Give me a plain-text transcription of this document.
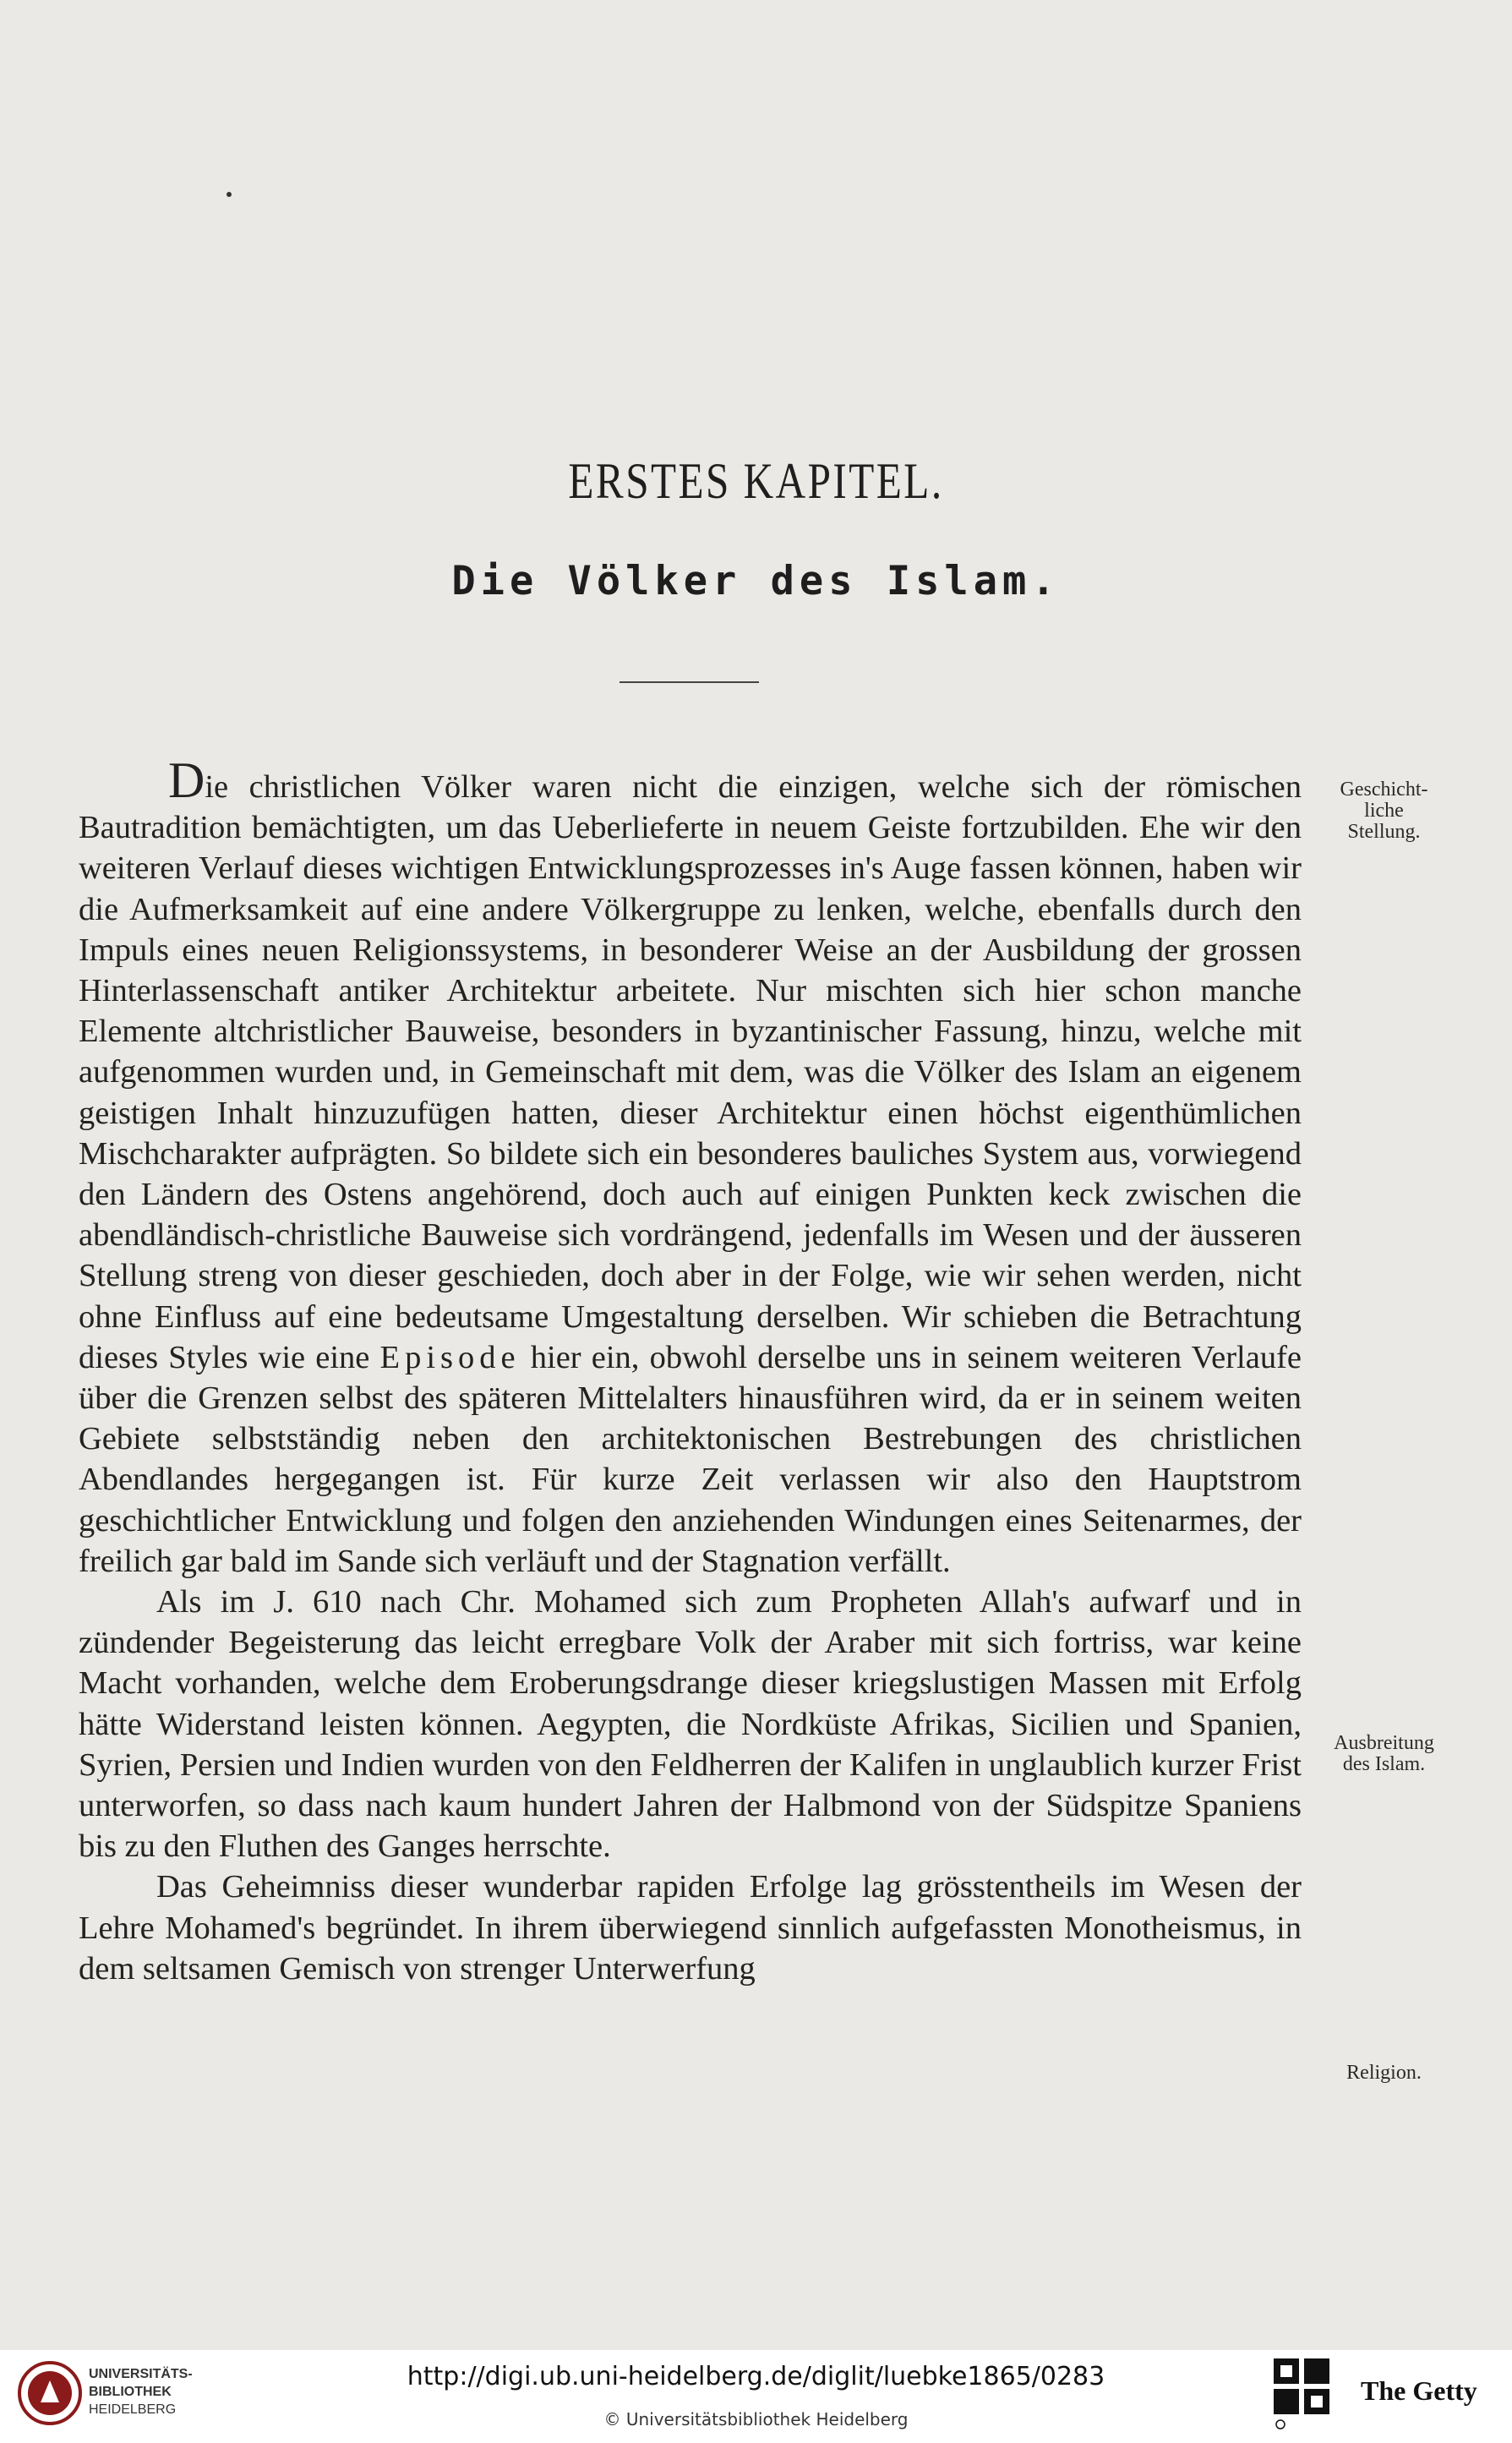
ERSTES KAPITEL.
Die Völker des Islam.

Die christlichen Völker waren nicht die einzigen, welche sich der römischen Bautradition bemächtigten, um das Ueberlieferte in neuem Geiste fortzubilden. Ehe wir den weiteren Verlauf dieses wichtigen Entwicklungsprozesses in's Auge fassen können, haben wir die Aufmerksamkeit auf eine andere Völkergruppe zu lenken, welche, ebenfalls durch den Impuls eines neuen Religionssystems, in besonderer Weise an der Ausbildung der grossen Hinterlassenschaft antiker Architektur arbeitete. Nur mischten sich hier schon manche Elemente altchristlicher Bauweise, besonders in byzantinischer Fassung, hinzu, welche mit aufgenommen wurden und, in Gemeinschaft mit dem, was die Völker des Islam an eigenem geistigen Inhalt hinzuzufügen hatten, dieser Architektur einen höchst eigenthümlichen Mischcharakter aufprägten. So bildete sich ein besonderes bauliches System aus, vorwiegend den Ländern des Ostens angehörend, doch auch auf einigen Punkten keck zwischen die abendländisch-christliche Bauweise sich vordrängend, jedenfalls im Wesen und der äusseren Stellung streng von dieser geschieden, doch aber in der Folge, wie wir sehen werden, nicht ohne Einfluss auf eine bedeutsame Umgestaltung derselben. Wir schieben die Betrachtung dieses Styles wie eine Episode hier ein, obwohl derselbe uns in seinem weiteren Verlaufe über die Grenzen selbst des späteren Mittelalters hinausführen wird, da er in seinem weiten Gebiete selbstständig neben den architektonischen Bestrebungen des christlichen Abendlandes hergegangen ist. Für kurze Zeit verlassen wir also den Hauptstrom geschichtlicher Entwicklung und folgen den anziehenden Windungen eines Seitenarmes, der freilich gar bald im Sande sich verläuft und der Stagnation verfällt.

Als im J. 610 nach Chr. Mohamed sich zum Propheten Allah's aufwarf und in zündender Begeisterung das leicht erregbare Volk der Araber mit sich fortriss, war keine Macht vorhanden, welche dem Eroberungsdrange dieser kriegslustigen Massen mit Erfolg hätte Widerstand leisten können. Aegypten, die Nordküste Afrikas, Sicilien und Spanien, Syrien, Persien und Indien wurden von den Feldherren der Kalifen in unglaublich kurzer Frist unterworfen, so dass nach kaum hundert Jahren der Halbmond von der Südspitze Spaniens bis zu den Fluthen des Ganges herrschte.

Das Geheimniss dieser wunderbar rapiden Erfolge lag grösstentheils im Wesen der Lehre Mohamed's begründet. In ihrem überwiegend sinnlich aufgefassten Monotheismus, in dem seltsamen Gemisch von strenger Unterwerfung

Geschicht-
liche
Stellung.
Ausbreitung
des Islam.
Religion.
UNIVERSITÄTS-
BIBLIOTHEK
HEIDELBERG
http://digi.ub.uni-heidelberg.de/diglit/luebke1865/0283
© Universitätsbibliothek Heidelberg
The Getty
